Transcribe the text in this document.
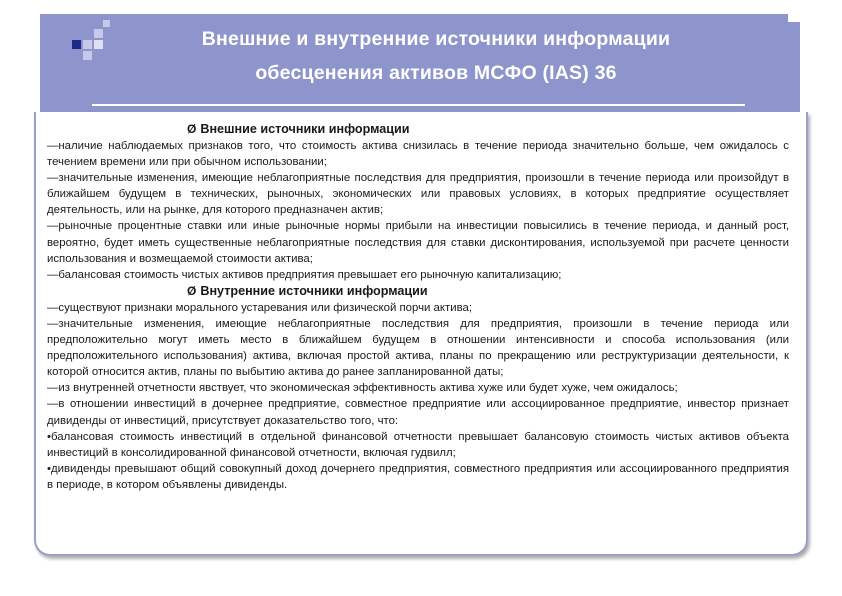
Внешние и внутренние источники информации
обесценения активов МСФО (IAS) 36

Ø Внешние источники информации

—наличие наблюдаемых признаков того, что стоимость актива снизилась в течение периода значительно больше, чем ожидалось с течением времени или при обычном использовании;

—значительные изменения, имеющие неблагоприятные последствия для предприятия, произошли в течение периода или произойдут в ближайшем будущем в технических, рыночных, экономических или правовых условиях, в которых предприятие осуществляет деятельность, или на рынке, для которого предназначен актив;

—рыночные процентные ставки или иные рыночные нормы прибыли на инвестиции повысились в течение периода, и данный рост, вероятно, будет иметь существенные неблагоприятные последствия для ставки дисконтирования, используемой при расчете ценности использования и возмещаемой стоимости актива;

—балансовая стоимость чистых активов предприятия превышает его рыночную капитализацию;

Ø Внутренние источники информации

—существуют признаки морального устаревания или физической порчи актива;

—значительные изменения, имеющие неблагоприятные последствия для предприятия, произошли в течение периода или предположительно могут иметь место в ближайшем будущем в отношении интенсивности и способа использования (или предположительного использования) актива, включая простой актива, планы по прекращению или реструктуризации деятельности, к которой относится актив, планы по выбытию актива до ранее запланированной даты;

—из внутренней отчетности явствует, что экономическая эффективность актива хуже или будет хуже, чем ожидалось;

—в отношении инвестиций в дочернее предприятие, совместное предприятие или ассоциированное предприятие, инвестор признает дивиденды от инвестиций, присутствует доказательство того, что:

•балансовая стоимость инвестиций в отдельной финансовой отчетности превышает балансовую стоимость чистых активов объекта инвестиций в консолидированной финансовой отчетности, включая гудвилл;

•дивиденды превышают общий совокупный доход дочернего предприятия, совместного предприятия или ассоциированного предприятия в периоде, в котором объявлены дивиденды.
